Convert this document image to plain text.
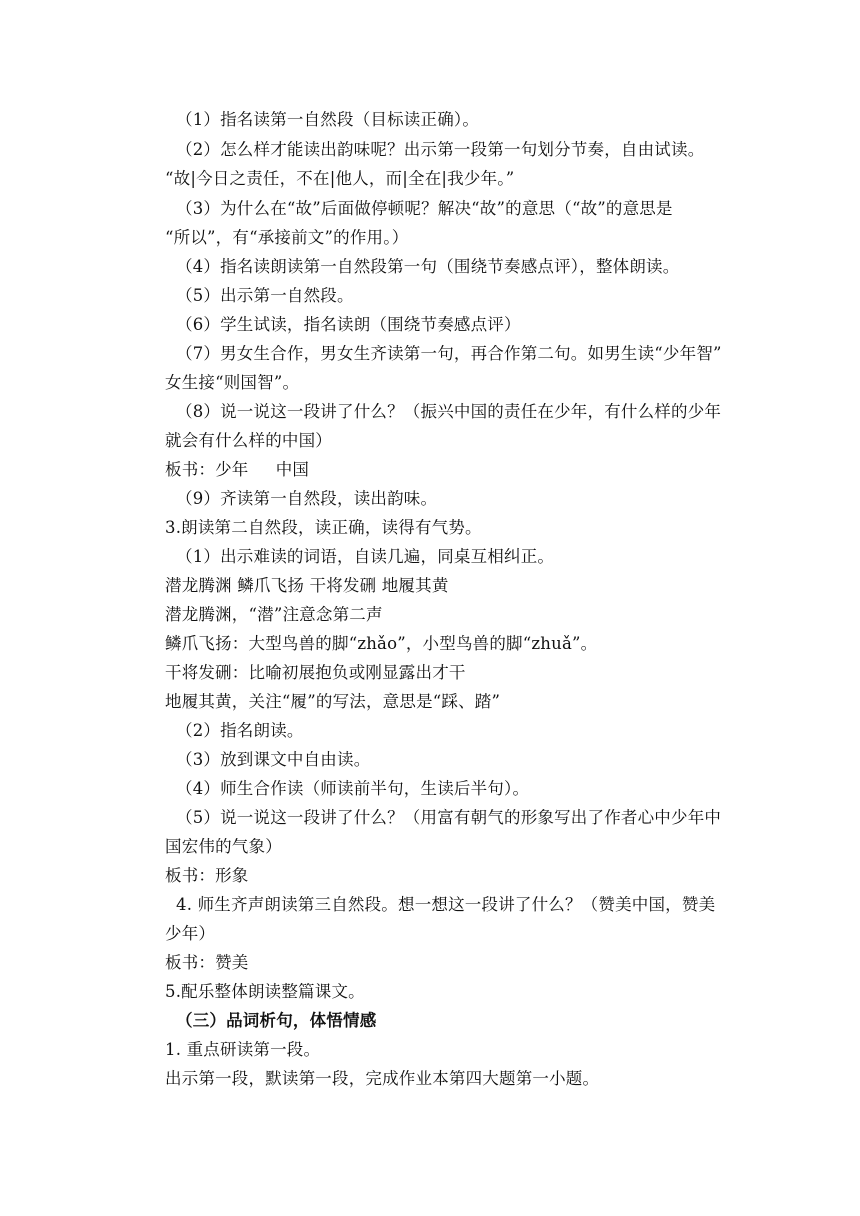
（1）指名读第一自然段（目标读正确）。
（2）怎么样才能读出韵味呢？出示第一段第一句划分节奏，自由试读。
“故|今日之责任，不在|他人，而|全在|我少年。”
（3）为什么在“故”后面做停顿呢？解决“故”的意思（“故”的意思是
“所以”，有“承接前文”的作用。）
（4）指名读朗读第一自然段第一句（围绕节奏感点评），整体朗读。
（5）出示第一自然段。
（6）学生试读，指名读朗（围绕节奏感点评）
（7）男女生合作，男女生齐读第一句，再合作第二句。如男生读“少年智”
女生接“则国智”。
（8）说一说这一段讲了什么？（振兴中国的责任在少年，有什么样的少年
就会有什么样的中国）
板书：少年     中国
（9）齐读第一自然段，读出韵味。
3.朗读第二自然段，读正确，读得有气势。
（1）出示难读的词语，自读几遍，同桌互相纠正。
潜龙腾渊 鳞爪飞扬 干将发硎 地履其黄
潜龙腾渊，“潜”注意念第二声
鳞爪飞扬：大型鸟兽的脚“zhǎo”，小型鸟兽的脚“zhuǎ”。
干将发硎：比喻初展抱负或刚显露出才干
地履其黄，关注“履”的写法，意思是“踩、踏”
（2）指名朗读。
（3）放到课文中自由读。
（4）师生合作读（师读前半句，生读后半句）。
（5）说一说这一段讲了什么？（用富有朝气的形象写出了作者心中少年中
国宏伟的气象）
板书：形象
4. 师生齐声朗读第三自然段。想一想这一段讲了什么？（赞美中国，赞美
少年）
板书：赞美
5.配乐整体朗读整篇课文。
（三）品词析句，体悟情感
1. 重点研读第一段。
出示第一段，默读第一段，完成作业本第四大题第一小题。
